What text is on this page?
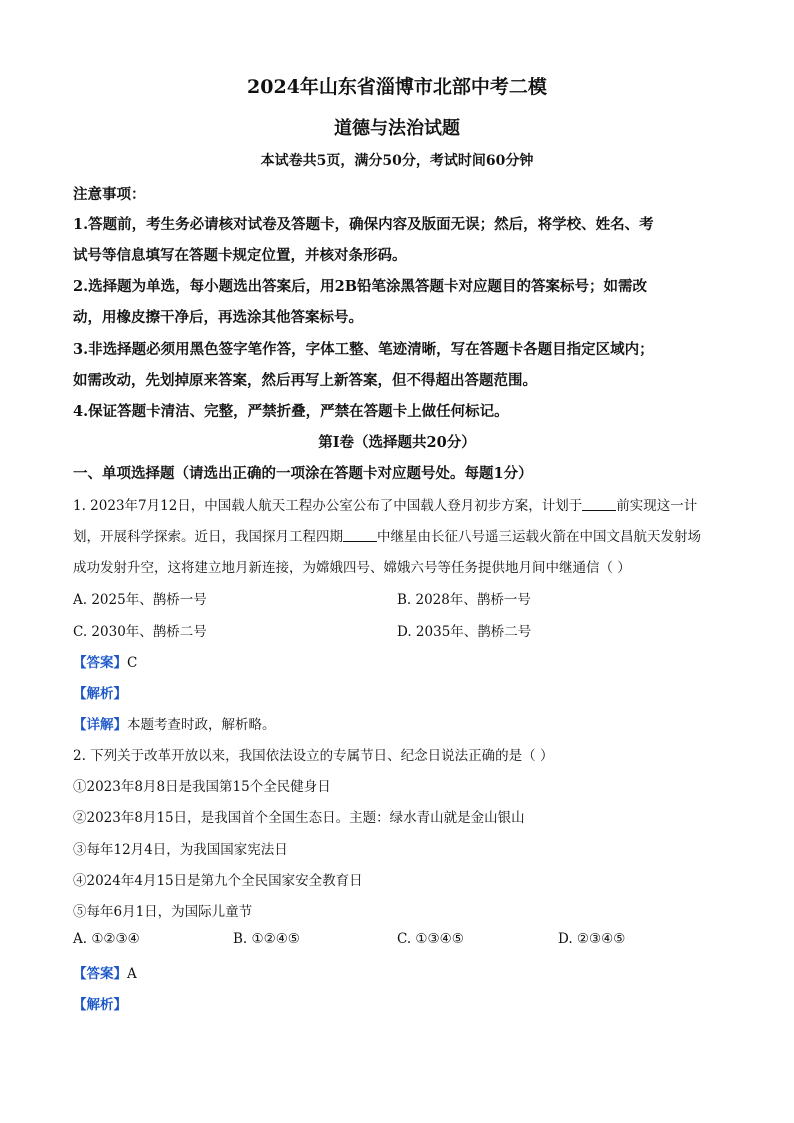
2024年山东省淄博市北部中考二模
道德与法治试题
本试卷共5页，满分50分，考试时间60分钟
注意事项：
1.答题前，考生务必请核对试卷及答题卡，确保内容及版面无误；然后，将学校、姓名、考
试号等信息填写在答题卡规定位置，并核对条形码。
2.选择题为单选，每小题选出答案后，用2B铅笔涂黑答题卡对应题目的答案标号；如需改
动，用橡皮擦干净后，再选涂其他答案标号。
3.非选择题必须用黑色签字笔作答，字体工整、笔迹清晰，写在答题卡各题目指定区域内；
如需改动，先划掉原来答案，然后再写上新答案，但不得超出答题范围。
4.保证答题卡清洁、完整，严禁折叠，严禁在答题卡上做任何标记。
第Ⅰ卷（选择题共20分）
一、单项选择题（请选出正确的一项涂在答题卡对应题号处。每题1分）
1. 2023年7月12日，中国载人航天工程办公室公布了中国载人登月初步方案，计划于	前实现这一计
划，开展科学探索。近日，我国探月工程四期	中继星由长征八号遥三运载火箭在中国文昌航天发射场
成功发射升空，这将建立地月新连接，为嫦娥四号、嫦娥六号等任务提供地月间中继通信（ ）
A. 2025年、鹊桥一号	B. 2028年、鹊桥一号
C. 2030年、鹊桥二号	D. 2035年、鹊桥二号
【答案】C
【解析】
【详解】本题考查时政，解析略。
2. 下列关于改革开放以来，我国依法设立的专属节日、纪念日说法正确的是（ ）
①2023年8月8日是我国第15个全民健身日
②2023年8月15日，是我国首个全国生态日。主题：绿水青山就是金山银山
③每年12月4日，为我国国家宪法日
④2024年4月15日是第九个全民国家安全教育日
⑤每年6月1日，为国际儿童节
A. ①②③④	B. ①②④⑤	C. ①③④⑤	D. ②③④⑤
【答案】A
【解析】
